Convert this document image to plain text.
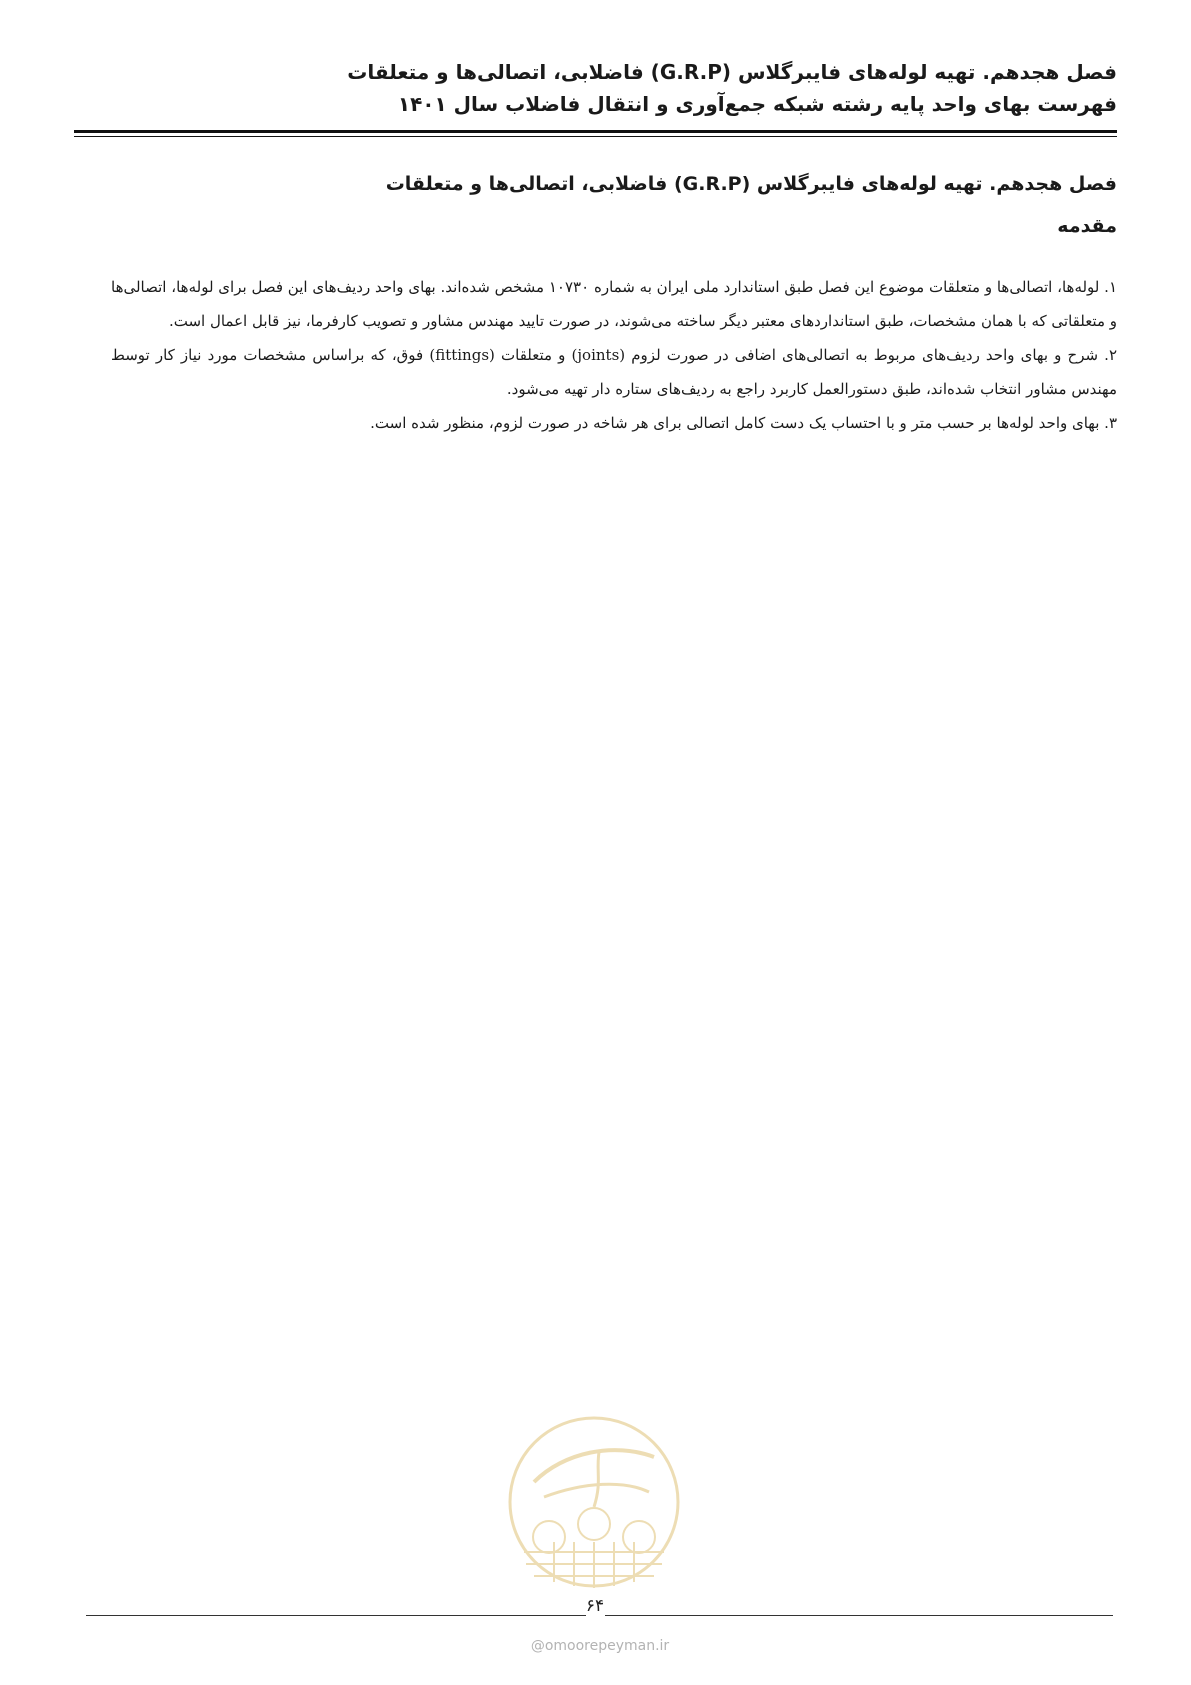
فصل هجدهم. تهیه لوله‌های فایبرگلاس (G.R.P) فاضلابی، اتصالی‌ها و متعلقات
فهرست بهای واحد پایه رشته شبکه جمع‌آوری و انتقال فاضلاب سال ۱۴۰۱
فصل هجدهم. تهیه لوله‌های فایبرگلاس (G.R.P) فاضلابی، اتصالی‌ها و متعلقات
مقدمه

۱. لوله‌ها، اتصالی‌ها و متعلقات موضوع این فصل طبق استاندارد ملی ایران به شماره ۱۰۷۳۰ مشخص شده‌اند. بهای واحد ردیف‌های این فصل برای لوله‌ها، اتصالی‌ها و متعلقاتی که با همان مشخصات، طبق استانداردهای معتبر دیگر ساخته می‌شوند، در صورت تایید مهندس مشاور و تصویب کارفرما، نیز قابل اعمال است.

۲. شرح و بهای واحد ردیف‌های مربوط به اتصالی‌های اضافی در صورت لزوم (joints) و متعلقات (fittings) فوق، که براساس مشخصات مورد نیاز کار توسط مهندس مشاور انتخاب شده‌اند، طبق دستورالعمل کاربرد راجع به ردیف‌های ستاره دار تهیه می‌شود.

۳. بهای واحد لوله‌ها بر حسب متر و با احتساب یک دست کامل اتصالی برای هر شاخه در صورت لزوم، منظور شده است.

۶۴
@omoorepeyman.ir
